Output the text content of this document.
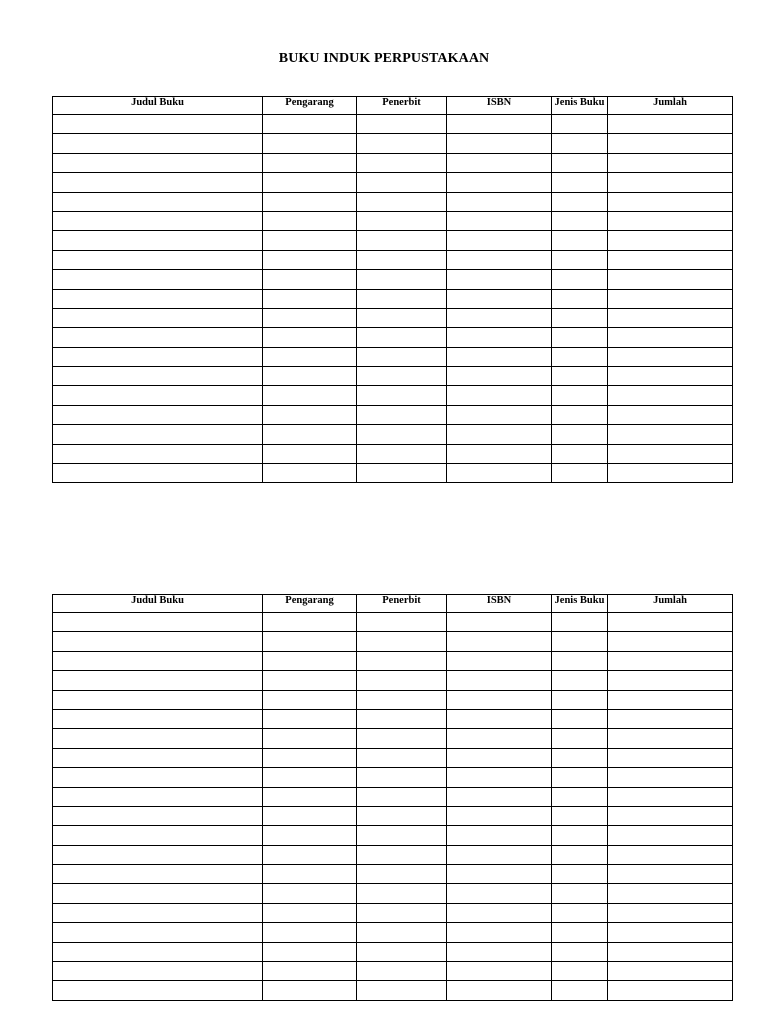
BUKU INDUK PERPUSTAKAAN
Judul Buku	Pengarang	Penerbit	ISBN	Jenis Buku	Jumlah

Judul Buku	Pengarang	Penerbit	ISBN	Jenis Buku	Jumlah
